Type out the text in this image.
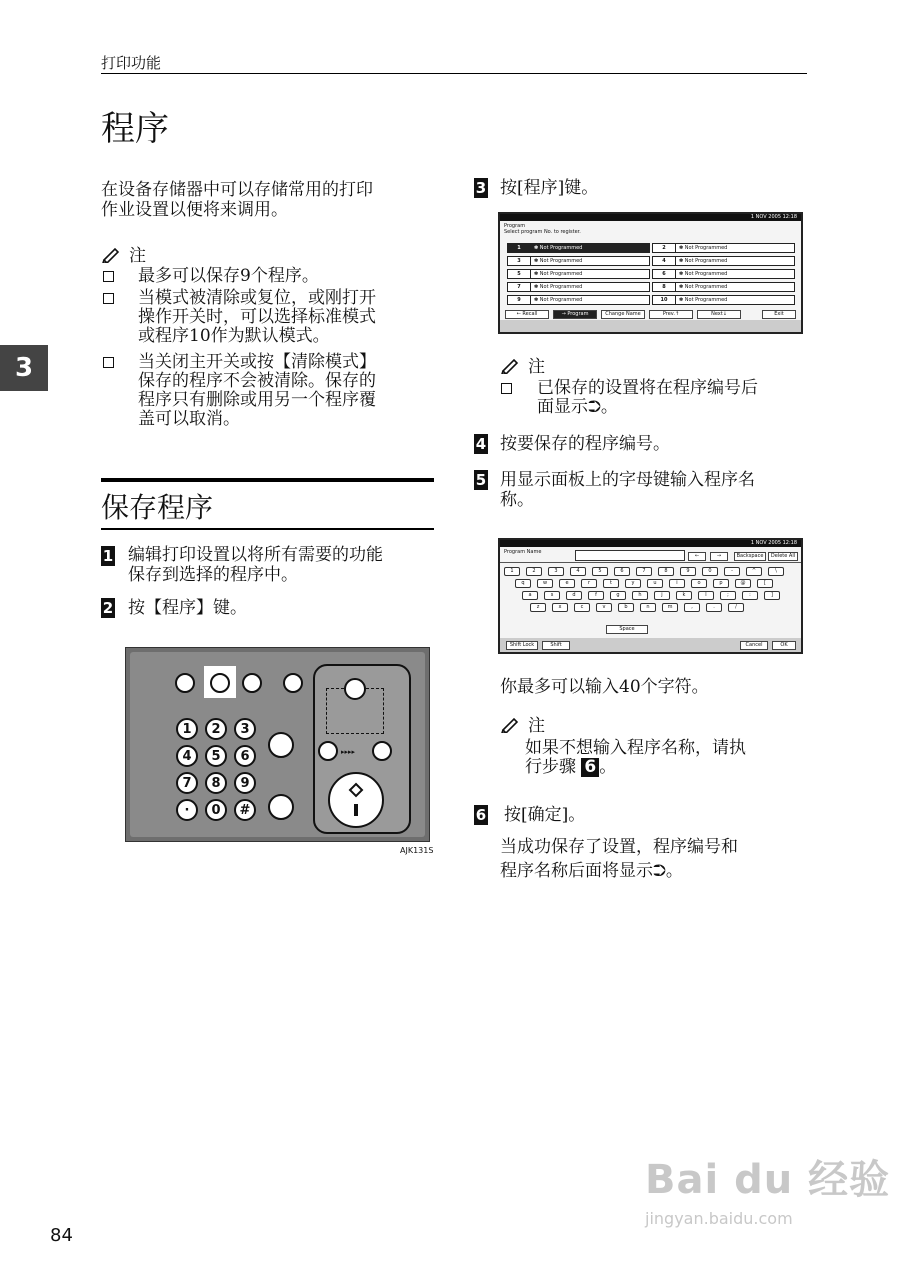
打印功能
程序
3
在设备存储器中可以存储常用的打印
作业设置以便将来调用。
注
最多可以保存9个程序。
当模式被清除或复位，或刚打开
操作开关时，可以选择标准模式
或程序10作为默认模式。
当关闭主开关或按【清除模式】
保存的程序不会被清除。保存的
程序只有删除或用另一个程序覆
盖可以取消。
保存程序
1 编辑打印设置以将所有需要的功能
保存到选择的程序中。
2 按【程序】键。
1	2	3
4	5	6
7	8	9
·	0	#
▸▸▸▸
AJK131S
3 按[程序]键。
1 NOV 2005 12:18
Program
Select program No. to register.
1	✽ Not Programmed	2	✽ Not Programmed
3	✽ Not Programmed	4	✽ Not Programmed
5	✽ Not Programmed	6	✽ Not Programmed
7	✽ Not Programmed	8	✽ Not Programmed
9	✽ Not Programmed	10 ✽ Not Programmed
← Recall	→ Program	Change Name	Prev.↑	Next↓	Exit
注
已保存的设置将在程序编号后
面显示⮊。
4 按要保存的程序编号。
5 用显示面板上的字母键输入程序名
称。
1 NOV 2005 12:18
Program Name
←	→	Backspace	Delete All
1	2	3	4	5	6	7	8	9	0	-	^	\
q	w	e	r	t	y	u	i	o	p	@	[
a	s	d	f	g	h	j	k	l	;	:	]
z	x	c	v	b	n	m	,	.	/
Space
Shift Lock	Shift	Cancel	OK
你最多可以输入40个字符。
注
如果不想输入程序名称，请执
行步骤 6 。
6 按[确定]。
当成功保存了设置，程序编号和
程序名称后面将显示⮊。
84
Bai du 经验
jingyan.baidu.com
